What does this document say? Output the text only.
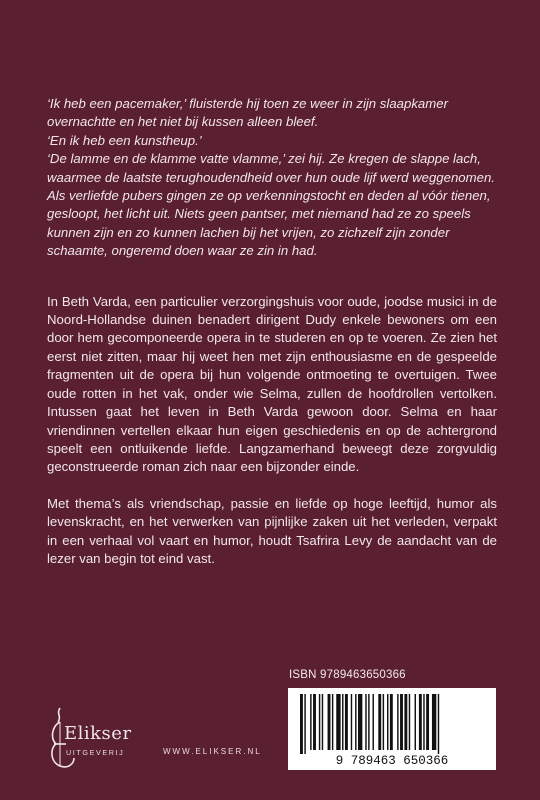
‘Ik heb een pacemaker,’ fluisterde hij toen ze weer in zijn slaapkamer overnachtte en het niet bij kussen alleen bleef.

‘En ik heb een kunstheup.’

‘De lamme en de klamme vatte vlamme,’ zei hij. Ze kregen de slappe lach, waarmee de laatste terughoudendheid over hun oude lijf werd weggenomen. Als verliefde pubers gingen ze op verkenningstocht en deden al vóór tienen, gesloopt, het licht uit. Niets geen pantser, met niemand had ze zo speels kunnen zijn en zo kunnen lachen bij het vrijen, zo zichzelf zijn zonder schaamte, ongeremd doen waar ze zin in had.

In Beth Varda, een particulier verzorgingshuis voor oude, joodse musici in de Noord-Hollandse duinen benadert dirigent Dudy enkele bewoners om een door hem gecomponeerde opera in te studeren en op te voeren. Ze zien het eerst niet zitten, maar hij weet hen met zijn enthousiasme en de gespeelde fragmenten uit de opera bij hun volgende ontmoeting te overtuigen. Twee oude rotten in het vak, onder wie Selma, zullen de hoofdrollen vertolken. Intussen gaat het leven in Beth Varda gewoon door. Selma en haar vriendinnen vertellen elkaar hun eigen geschiedenis en op de achtergrond speelt een ontluikende liefde. Langzamerhand beweegt deze zorgvuldig geconstrueerde roman zich naar een bijzonder einde.

Met thema’s als vriendschap, passie en liefde op hoge leeftijd, humor als levenskracht, en het verwerken van pijnlijke zaken uit het verleden, verpakt in een verhaal vol vaart en humor, houdt Tsafrira Levy de aandacht van de lezer van begin tot eind vast.

ISBN 9789463650366
9 789463 650366
Elikser
UITGEVERIJ	WWW.ELIKSER.NL
